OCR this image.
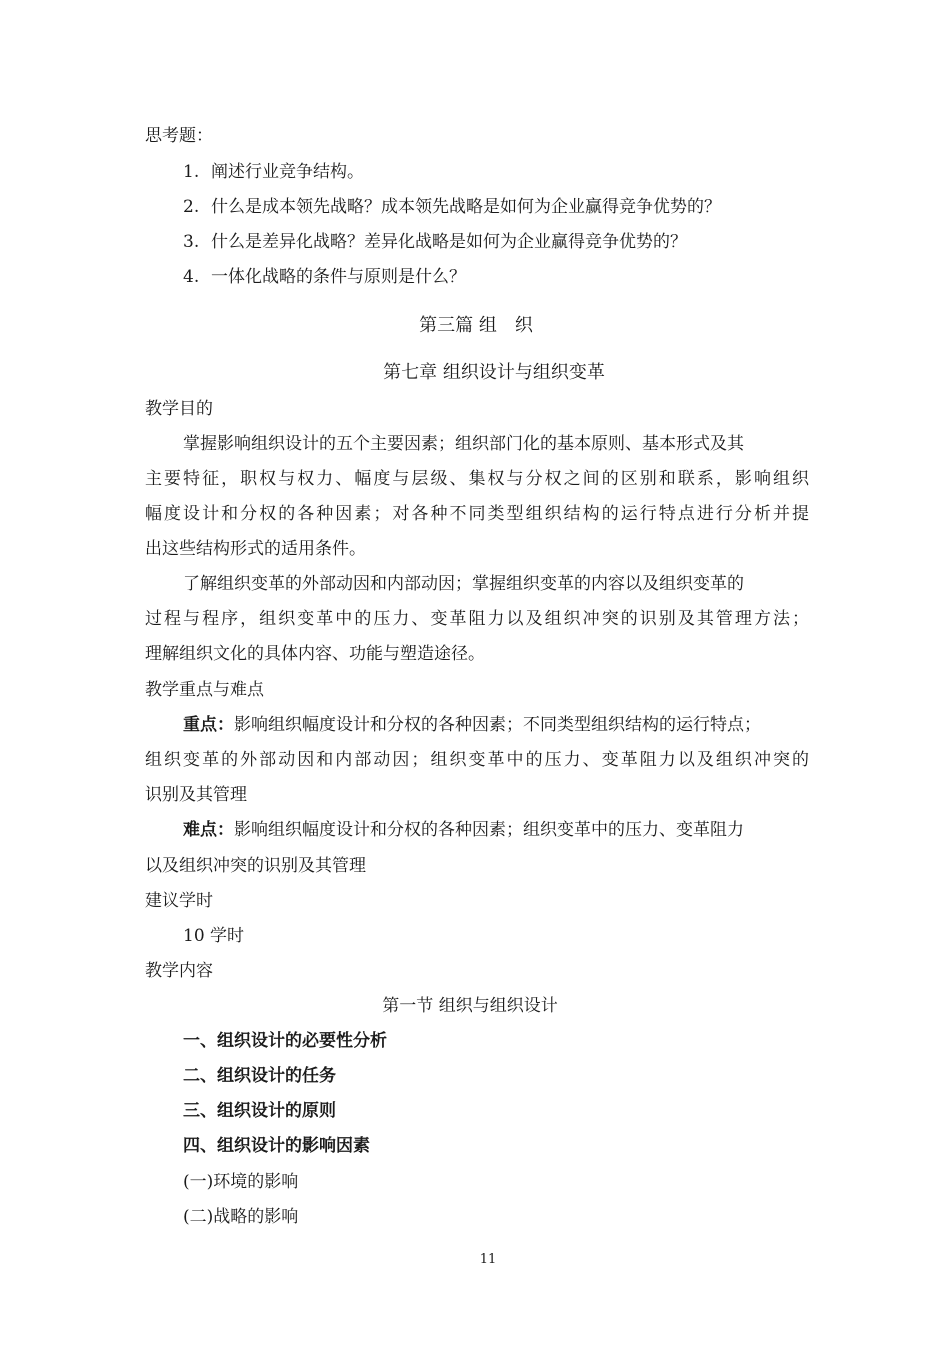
思考题：
1. 阐述行业竞争结构。
2. 什么是成本领先战略？成本领先战略是如何为企业赢得竞争优势的？
3. 什么是差异化战略？差异化战略是如何为企业赢得竞争优势的？
4. 一体化战略的条件与原则是什么？
第三篇 组　织
第七章 组织设计与组织变革
教学目的
掌握影响组织设计的五个主要因素；组织部门化的基本原则、基本形式及其
主要特征，职权与权力、幅度与层级、集权与分权之间的区别和联系，影响组织
幅度设计和分权的各种因素；对各种不同类型组织结构的运行特点进行分析并提
出这些结构形式的适用条件。
了解组织变革的外部动因和内部动因；掌握组织变革的内容以及组织变革的
过程与程序，组织变革中的压力、变革阻力以及组织冲突的识别及其管理方法；
理解组织文化的具体内容、功能与塑造途径。
教学重点与难点
重点：影响组织幅度设计和分权的各种因素；不同类型组织结构的运行特点；
组织变革的外部动因和内部动因；组织变革中的压力、变革阻力以及组织冲突的
识别及其管理
难点：影响组织幅度设计和分权的各种因素；组织变革中的压力、变革阻力
以及组织冲突的识别及其管理
建议学时
10 学时
教学内容
第一节 组织与组织设计
一、组织设计的必要性分析
二、组织设计的任务
三、组织设计的原则
四、组织设计的影响因素
(一)环境的影响
(二)战略的影响
11
